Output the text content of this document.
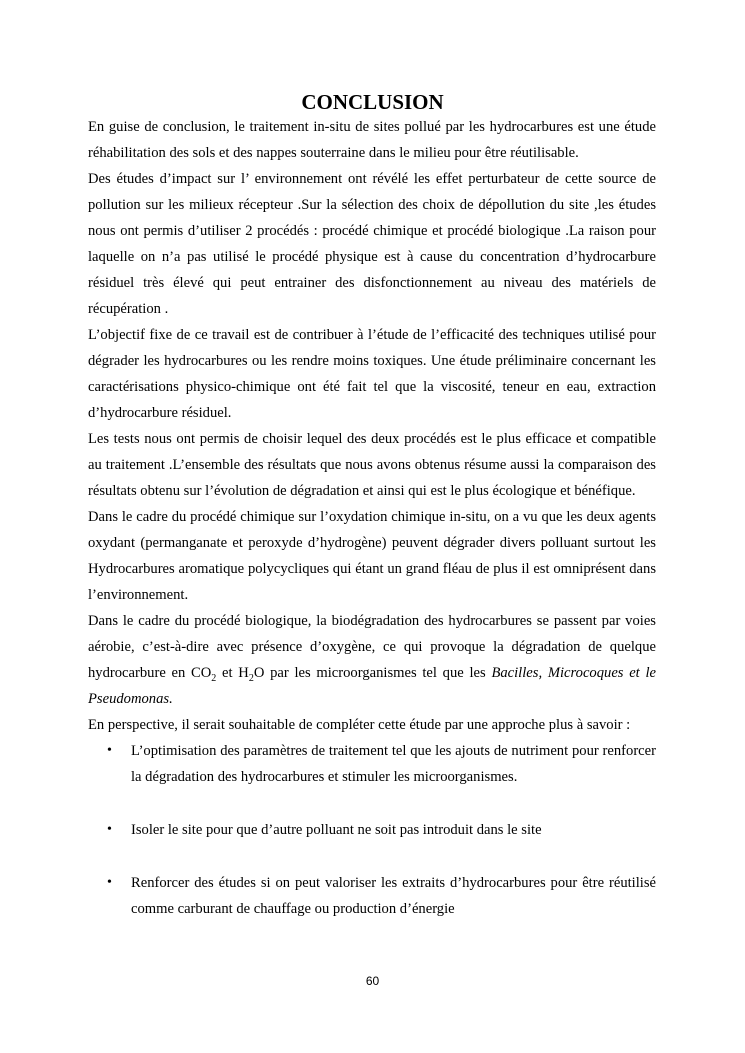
CONCLUSION

En guise de conclusion, le traitement in-situ de sites pollué par les hydrocarbures est une étude réhabilitation des sols et des nappes souterraine dans le milieu pour être réutilisable.

Des études d’impact sur l’ environnement ont révélé les effet perturbateur de cette source de pollution sur les milieux récepteur .Sur la sélection des choix de dépollution du site ,les études nous ont permis d’utiliser 2 procédés : procédé chimique et procédé biologique .La raison pour laquelle on n’a pas utilisé le procédé physique est à cause du concentration d’hydrocarbure résiduel très élevé qui peut entrainer des disfonctionnement au niveau des matériels de récupération .

L’objectif fixe de ce travail est de contribuer à l’étude de l’efficacité des techniques utilisé pour dégrader les hydrocarbures ou les rendre moins toxiques. Une étude préliminaire concernant les caractérisations physico-chimique ont été fait tel que la viscosité, teneur en eau, extraction d’hydrocarbure résiduel.

Les tests nous ont permis de choisir lequel des deux procédés est le plus efficace et compatible au traitement .L’ensemble des résultats que nous avons obtenus résume aussi la comparaison des résultats obtenu sur l’évolution de dégradation et ainsi qui est le plus écologique et bénéfique.

Dans le cadre du procédé chimique sur l’oxydation chimique in-situ, on a vu que les deux agents oxydant (permanganate et peroxyde d’hydrogène) peuvent dégrader divers polluant surtout les Hydrocarbures aromatique polycycliques qui étant un grand fléau de plus il est omniprésent dans l’environnement.

Dans le cadre du procédé biologique, la biodégradation des hydrocarbures se passent par voies aérobie, c’est-à-dire avec présence d’oxygène, ce qui provoque la dégradation de quelque hydrocarbure en $CO_2$ et $H_2O$ par les microorganismes tel que les Bacilles, Microcoques et le Pseudomonas.

En perspective, il serait souhaitable de compléter cette étude par une approche plus à savoir :

• L’optimisation des paramètres de traitement tel que les ajouts de nutriment pour renforcer la dégradation des hydrocarbures et stimuler les microorganismes.
• Isoler le site pour que d’autre polluant ne soit pas introduit dans le site
• Renforcer des études si on peut valoriser les extraits d’hydrocarbures pour être réutilisé comme carburant de chauffage ou production d’énergie
60
